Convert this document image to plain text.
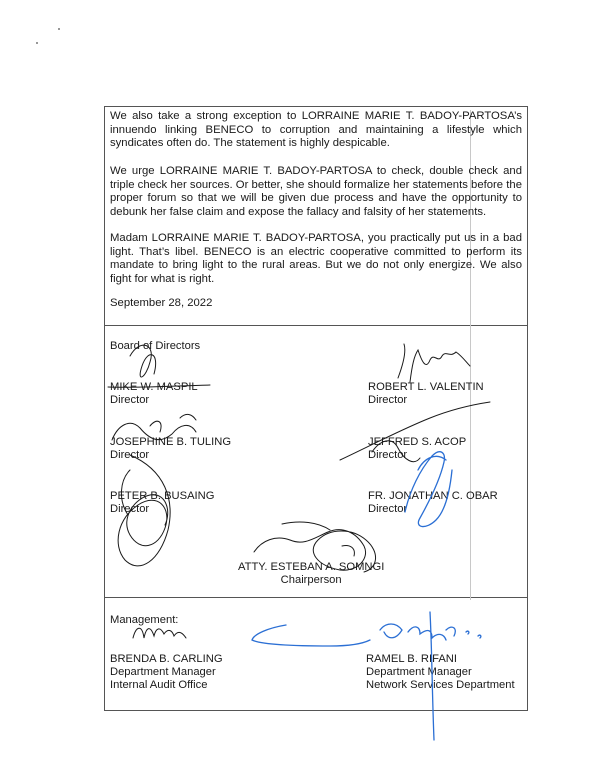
We also take a strong exception to LORRAINE MARIE T. BADOY-PARTOSA’s innuendo linking BENECO to corruption and maintaining a lifestyle which syndicates often do. The statement is highly despicable.

We urge LORRAINE MARIE T. BADOY-PARTOSA to check, double check and triple check her sources. Or better, she should formalize her statements before the proper forum so that we will be given due process and have the opportunity to debunk her false claim and expose the fallacy and falsity of her statements.

Madam LORRAINE MARIE T. BADOY-PARTOSA, you practically put us in a bad light. That’s libel. BENECO is an electric cooperative committed to perform its mandate to bring light to the rural areas. But we do not only energize. We also fight for what is right.

September 28, 2022
Board of Directors
MIKE W. MASPIL
Director
ROBERT L. VALENTIN
Director
JOSEPHINE B. TULING
Director
JEFFRED S. ACOP
Director
PETER B. BUSAING
Director
FR. JONATHAN C. OBAR
Director
ATTY. ESTEBAN A. SOMNGI
Chairperson
Management:
BRENDA B. CARLING
Department Manager
Internal Audit Office
RAMEL B. RIFANI
Department Manager
Network Services Department
